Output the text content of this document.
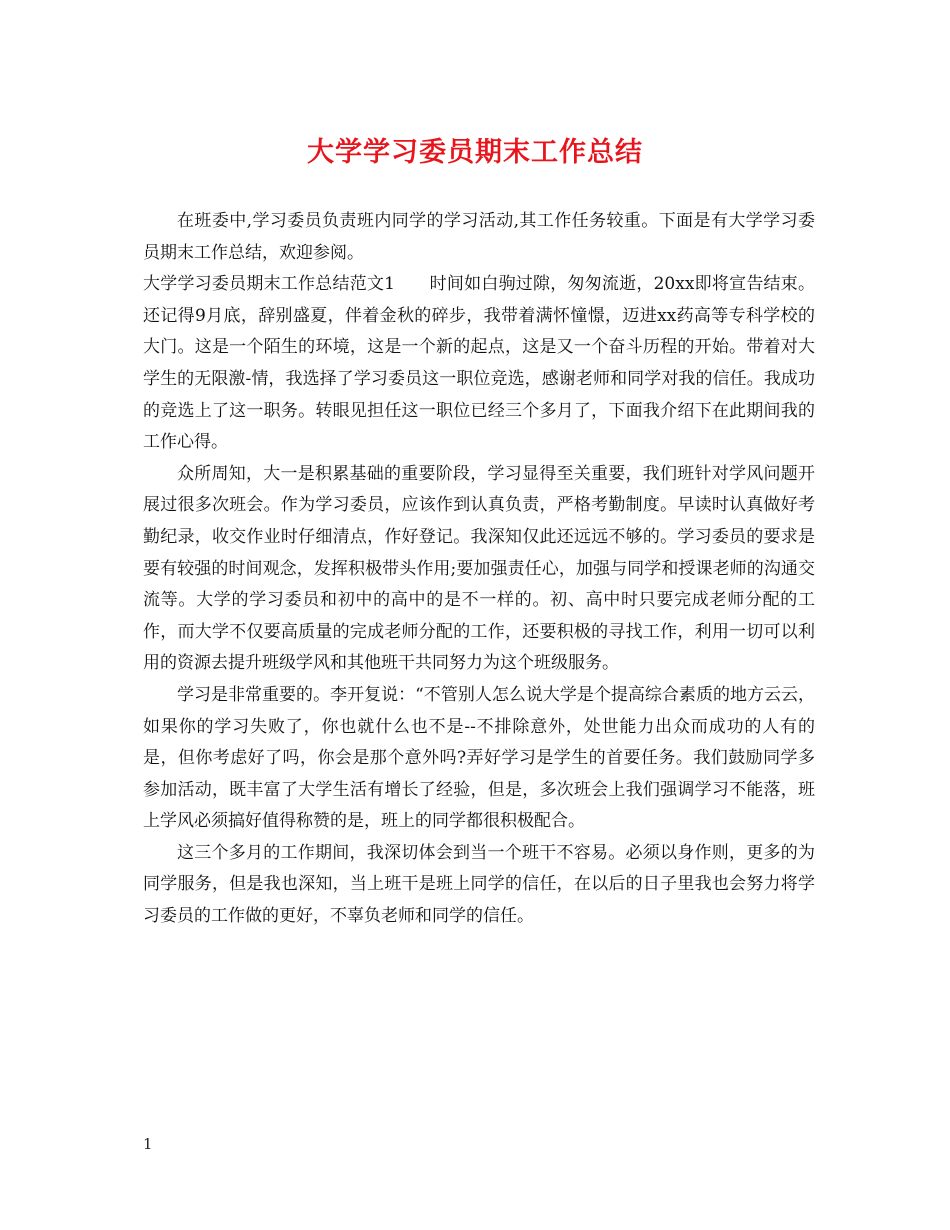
大学学习委员期末工作总结

在班委中,学习委员负责班内同学的学习活动,其工作任务较重。下面是有大学学习委员期末工作总结，欢迎参阅。

大学学习委员期末工作总结范文1　　时间如白驹过隙，匆匆流逝，20xx即将宣告结束。还记得9月底，辞别盛夏，伴着金秋的碎步，我带着满怀憧憬，迈进xx药高等专科学校的大门。这是一个陌生的环境，这是一个新的起点，这是又一个奋斗历程的开始。带着对大学生的无限激-情，我选择了学习委员这一职位竞选，感谢老师和同学对我的信任。我成功的竞选上了这一职务。转眼见担任这一职位已经三个多月了，下面我介绍下在此期间我的工作心得。

众所周知，大一是积累基础的重要阶段，学习显得至关重要，我们班针对学风问题开展过很多次班会。作为学习委员，应该作到认真负责，严格考勤制度。早读时认真做好考勤纪录，收交作业时仔细清点，作好登记。我深知仅此还远远不够的。学习委员的要求是要有较强的时间观念，发挥积极带头作用;要加强责任心，加强与同学和授课老师的沟通交流等。大学的学习委员和初中的高中的是不一样的。初、高中时只要完成老师分配的工作，而大学不仅要高质量的完成老师分配的工作，还要积极的寻找工作，利用一切可以利用的资源去提升班级学风和其他班干共同努力为这个班级服务。

学习是非常重要的。李开复说：“不管别人怎么说大学是个提高综合素质的地方云云，如果你的学习失败了，你也就什么也不是--不排除意外，处世能力出众而成功的人有的是，但你考虑好了吗，你会是那个意外吗?弄好学习是学生的首要任务。我们鼓励同学多参加活动，既丰富了大学生活有增长了经验，但是，多次班会上我们强调学习不能落，班上学风必须搞好值得称赞的是，班上的同学都很积极配合。

这三个多月的工作期间，我深切体会到当一个班干不容易。必须以身作则，更多的为同学服务，但是我也深知，当上班干是班上同学的信任，在以后的日子里我也会努力将学习委员的工作做的更好，不辜负老师和同学的信任。

1
